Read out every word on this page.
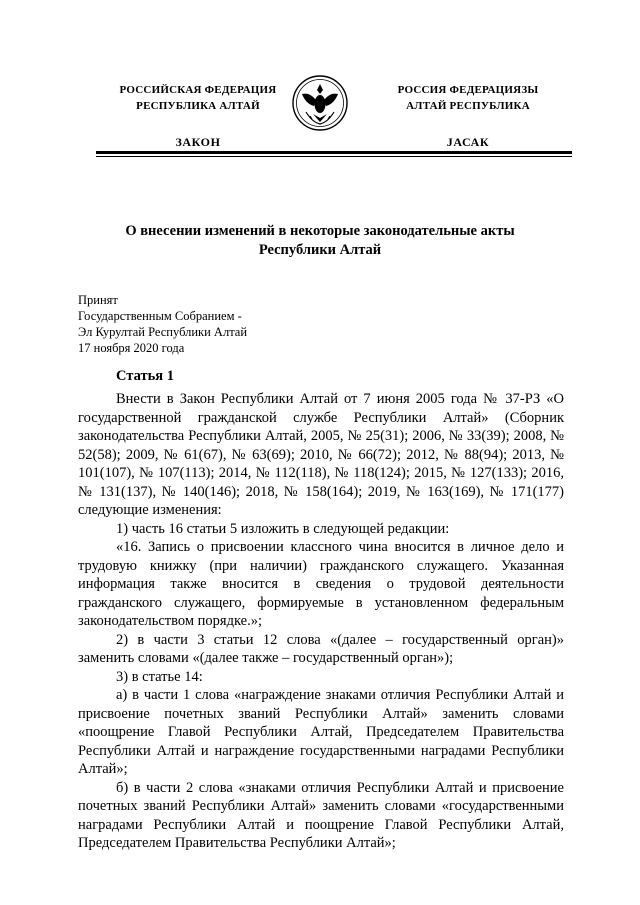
РОССИЙСКАЯ ФЕДЕРАЦИЯ
РЕСПУБЛИКА АЛТАЙ
ЗАКОН
РОССИЯ ФЕДЕРАЦИЯЗЫ
АЛТАЙ РЕСПУБЛИКА
JАСАК
О внесении изменений в некоторые законодательные акты Республики Алтай
Принят
Государственным Собранием -
Эл Курултай Республики Алтай
17 ноября 2020 года
Статья 1

Внести в Закон Республики Алтай от 7 июня 2005 года № 37-РЗ «О государственной гражданской службе Республики Алтай» (Сборник законодательства Республики Алтай, 2005, № 25(31); 2006, № 33(39); 2008, № 52(58); 2009, № 61(67), № 63(69); 2010, № 66(72); 2012, № 88(94); 2013, № 101(107), № 107(113); 2014, № 112(118), № 118(124); 2015, № 127(133); 2016, № 131(137), № 140(146); 2018, № 158(164); 2019, № 163(169), № 171(177) следующие изменения:

1) часть 16 статьи 5 изложить в следующей редакции:

«16. Запись о присвоении классного чина вносится в личное дело и трудовую книжку (при наличии) гражданского служащего. Указанная информация также вносится в сведения о трудовой деятельности гражданского служащего, формируемые в установленном федеральным законодательством порядке.»;

2) в части 3 статьи 12 слова «(далее – государственный орган)» заменить словами «(далее также – государственный орган»);

3) в статье 14:

а) в части 1 слова «награждение знаками отличия Республики Алтай и присвоение почетных званий Республики Алтай» заменить словами «поощрение Главой Республики Алтай, Председателем Правительства Республики Алтай и награждение государственными наградами Республики Алтай»;

б) в части 2 слова «знаками отличия Республики Алтай и присвоение почетных званий Республики Алтай» заменить словами «государственными наградами Республики Алтай и поощрение Главой Республики Алтай, Председателем Правительства Республики Алтай»;
